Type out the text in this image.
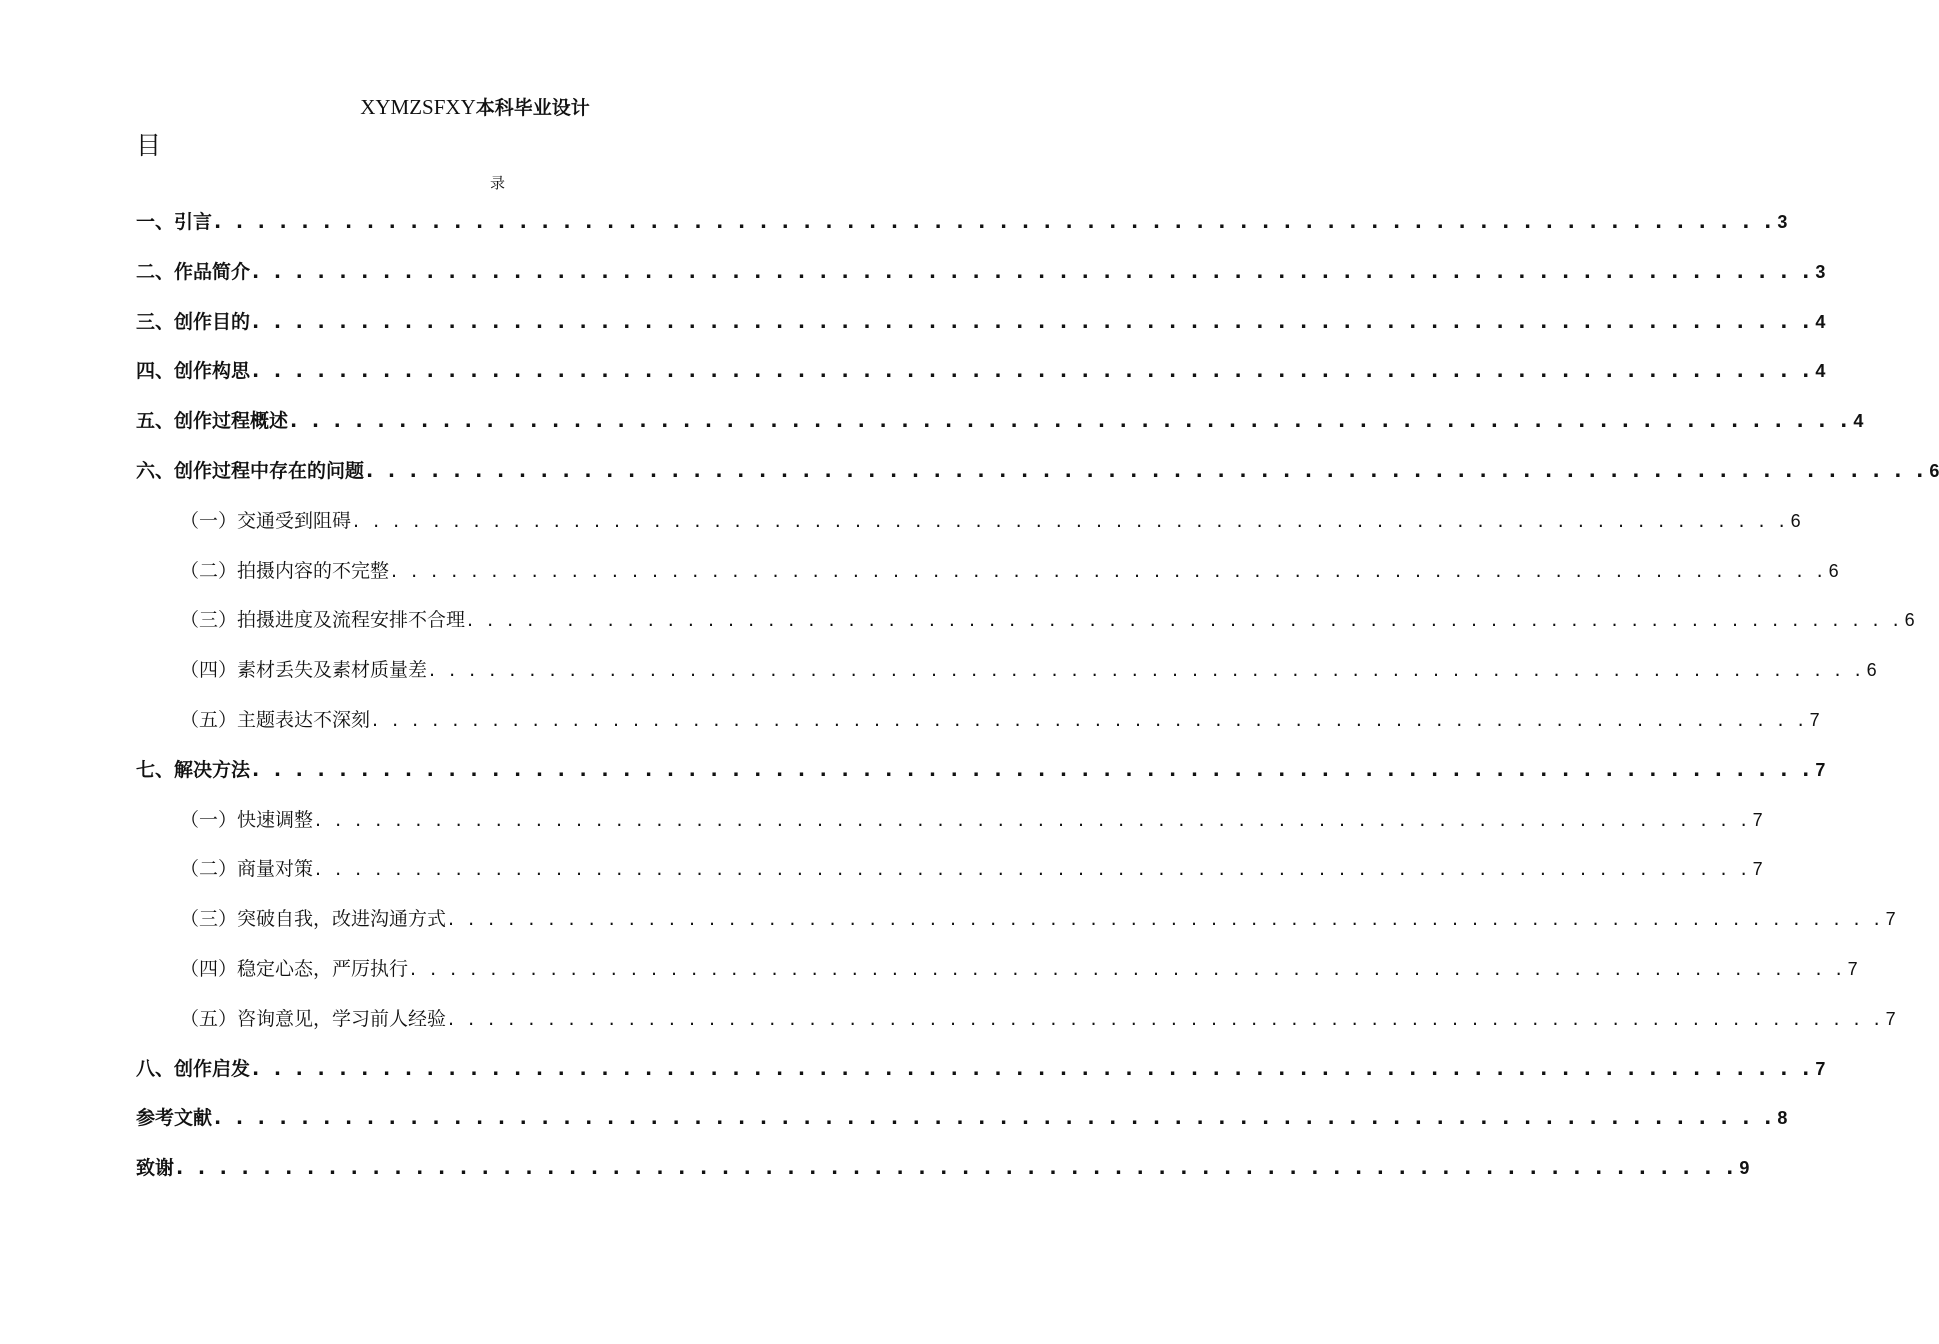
XYMZSFXY本科毕业设计
目
录
一、引言 . . . . . . . . . . . . . . . . . . . . . . . . . . . . . . . . . . . . . . . . . . . . . . . . . . . . . . . . . . . . . . . . . . . . . . . . 3
二、作品简介 . . . . . . . . . . . . . . . . . . . . . . . . . . . . . . . . . . . . . . . . . . . . . . . . . . . . . . . . . . . . . . . . . . . . . . . . 3
三、创作目的 . . . . . . . . . . . . . . . . . . . . . . . . . . . . . . . . . . . . . . . . . . . . . . . . . . . . . . . . . . . . . . . . . . . . . . . . 4
四、创作构思 . . . . . . . . . . . . . . . . . . . . . . . . . . . . . . . . . . . . . . . . . . . . . . . . . . . . . . . . . . . . . . . . . . . . . . . . 4
五、创作过程概述 . . . . . . . . . . . . . . . . . . . . . . . . . . . . . . . . . . . . . . . . . . . . . . . . . . . . . . . . . . . . . . . . . . . . . . . . 4
六、创作过程中存在的问题 . . . . . . . . . . . . . . . . . . . . . . . . . . . . . . . . . . . . . . . . . . . . . . . . . . . . . . . . . . . . . . . . . . . . . . . . 6
（一）交通受到阻碍 . . . . . . . . . . . . . . . . . . . . . . . . . . . . . . . . . . . . . . . . . . . . . . . . . . . . . . . . . . . . . . . . . . . . . . . . 6
（二）拍摄内容的不完整 . . . . . . . . . . . . . . . . . . . . . . . . . . . . . . . . . . . . . . . . . . . . . . . . . . . . . . . . . . . . . . . . . . . . . . . . 6
（三）拍摄进度及流程安排不合理 . . . . . . . . . . . . . . . . . . . . . . . . . . . . . . . . . . . . . . . . . . . . . . . . . . . . . . . . . . . . . . . . . . . . . . . . 6
（四）素材丢失及素材质量差 . . . . . . . . . . . . . . . . . . . . . . . . . . . . . . . . . . . . . . . . . . . . . . . . . . . . . . . . . . . . . . . . . . . . . . . . 6
（五）主题表达不深刻 . . . . . . . . . . . . . . . . . . . . . . . . . . . . . . . . . . . . . . . . . . . . . . . . . . . . . . . . . . . . . . . . . . . . . . . . 7
七、解决方法 . . . . . . . . . . . . . . . . . . . . . . . . . . . . . . . . . . . . . . . . . . . . . . . . . . . . . . . . . . . . . . . . . . . . . . . . 7
（一）快速调整 . . . . . . . . . . . . . . . . . . . . . . . . . . . . . . . . . . . . . . . . . . . . . . . . . . . . . . . . . . . . . . . . . . . . . . . . 7
（二）商量对策 . . . . . . . . . . . . . . . . . . . . . . . . . . . . . . . . . . . . . . . . . . . . . . . . . . . . . . . . . . . . . . . . . . . . . . . . 7
（三）突破自我，改进沟通方式 . . . . . . . . . . . . . . . . . . . . . . . . . . . . . . . . . . . . . . . . . . . . . . . . . . . . . . . . . . . . . . . . . . . . . . . . 7
（四）稳定心态，严厉执行 . . . . . . . . . . . . . . . . . . . . . . . . . . . . . . . . . . . . . . . . . . . . . . . . . . . . . . . . . . . . . . . . . . . . . . . . 7
（五）咨询意见，学习前人经验 . . . . . . . . . . . . . . . . . . . . . . . . . . . . . . . . . . . . . . . . . . . . . . . . . . . . . . . . . . . . . . . . . . . . . . . . 7
八、创作启发 . . . . . . . . . . . . . . . . . . . . . . . . . . . . . . . . . . . . . . . . . . . . . . . . . . . . . . . . . . . . . . . . . . . . . . . . 7
参考文献 . . . . . . . . . . . . . . . . . . . . . . . . . . . . . . . . . . . . . . . . . . . . . . . . . . . . . . . . . . . . . . . . . . . . . . . . 8
致谢 . . . . . . . . . . . . . . . . . . . . . . . . . . . . . . . . . . . . . . . . . . . . . . . . . . . . . . . . . . . . . . . . . . . . . . . . 9
